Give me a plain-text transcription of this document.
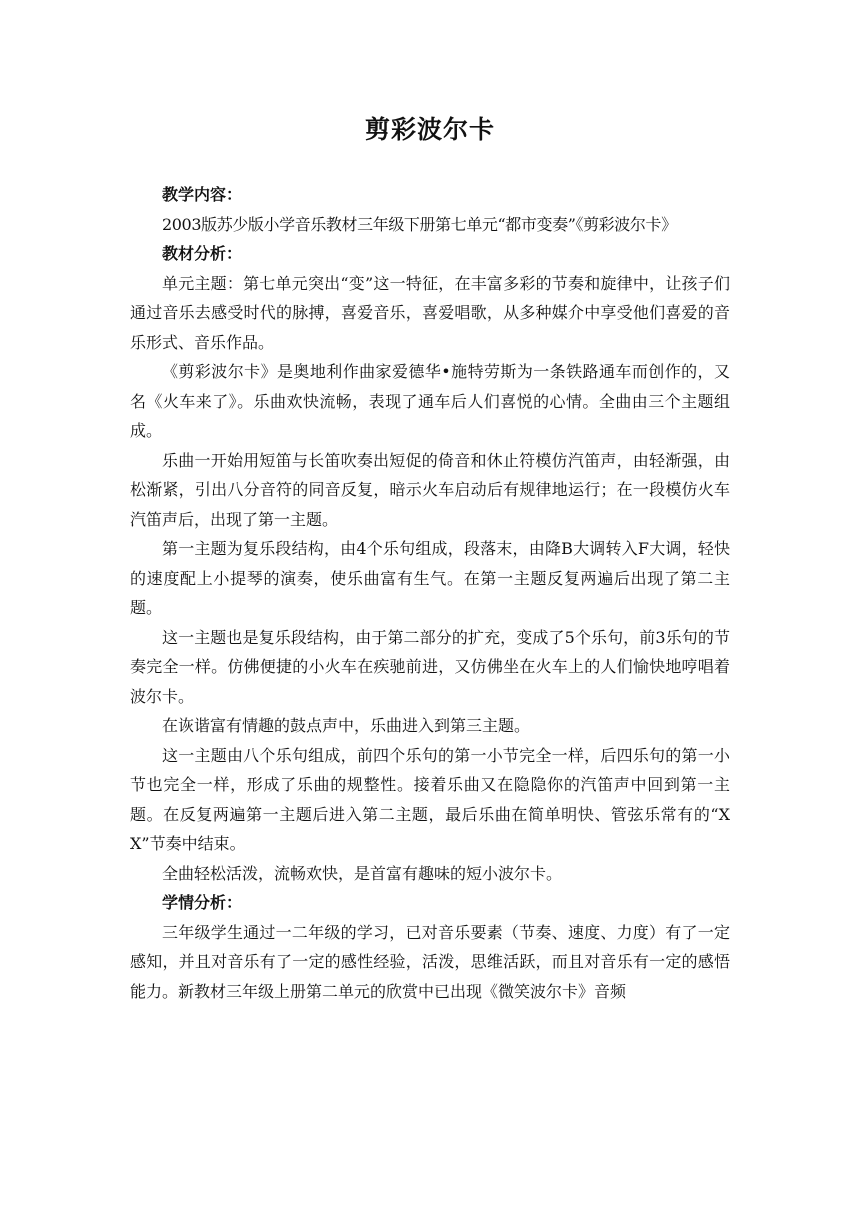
剪彩波尔卡

教学内容：

2003版苏少版小学音乐教材三年级下册第七单元“都市变奏”《剪彩波尔卡》

教材分析：

单元主题：第七单元突出“变”这一特征，在丰富多彩的节奏和旋律中，让孩子们通过音乐去感受时代的脉搏，喜爱音乐，喜爱唱歌，从多种媒介中享受他们喜爱的音乐形式、音乐作品。

《剪彩波尔卡》是奥地利作曲家爱德华•施特劳斯为一条铁路通车而创作的，又名《火车来了》。乐曲欢快流畅，表现了通车后人们喜悦的心情。全曲由三个主题组成。

乐曲一开始用短笛与长笛吹奏出短促的倚音和休止符模仿汽笛声，由轻渐强，由松渐紧，引出八分音符的同音反复，暗示火车启动后有规律地运行；在一段模仿火车汽笛声后，出现了第一主题。

第一主题为复乐段结构，由4个乐句组成，段落末，由降B大调转入F大调，轻快的速度配上小提琴的演奏，使乐曲富有生气。在第一主题反复两遍后出现了第二主题。

这一主题也是复乐段结构，由于第二部分的扩充，变成了5个乐句，前3乐句的节奏完全一样。仿佛便捷的小火车在疾驰前进，又仿佛坐在火车上的人们愉快地哼唱着波尔卡。

在诙谐富有情趣的鼓点声中，乐曲进入到第三主题。

这一主题由八个乐句组成，前四个乐句的第一小节完全一样，后四乐句的第一小节也完全一样，形成了乐曲的规整性。接着乐曲又在隐隐你的汽笛声中回到第一主题。在反复两遍第一主题后进入第二主题，最后乐曲在简单明快、管弦乐常有的“X X”节奏中结束。

全曲轻松活泼，流畅欢快，是首富有趣味的短小波尔卡。

学情分析：

三年级学生通过一二年级的学习，已对音乐要素（节奏、速度、力度）有了一定感知，并且对音乐有了一定的感性经验，活泼，思维活跃，而且对音乐有一定的感悟能力。新教材三年级上册第二单元的欣赏中已出现《微笑波尔卡》音频
